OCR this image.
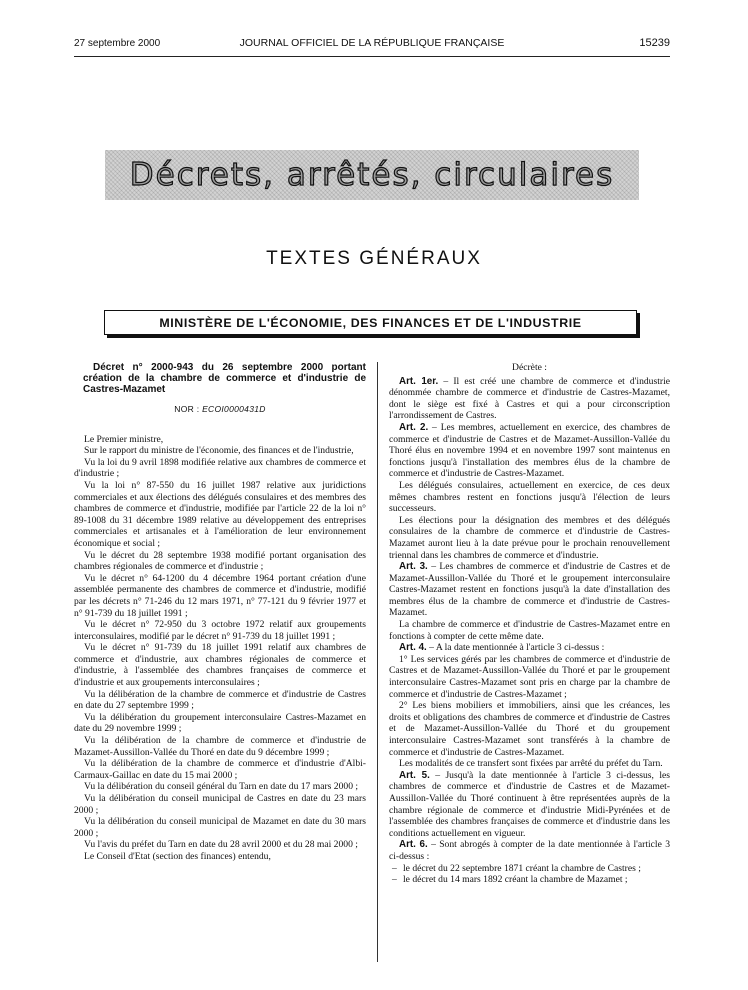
27 septembre 2000	JOURNAL OFFICIEL DE LA RÉPUBLIQUE FRANÇAISE	15239
Décrets, arrêtés, circulaires
TEXTES GÉNÉRAUX
MINISTÈRE DE L'ÉCONOMIE, DES FINANCES ET DE L'INDUSTRIE

Décret n° 2000-943 du 26 septembre 2000 portant création de la chambre de commerce et d'industrie de Castres-Mazamet

NOR : ECOI0000431D

Le Premier ministre,

Sur le rapport du ministre de l'économie, des finances et de l'industrie,

Vu la loi du 9 avril 1898 modifiée relative aux chambres de commerce et d'industrie ;

Vu la loi n° 87-550 du 16 juillet 1987 relative aux juridictions commerciales et aux élections des délégués consulaires et des membres des chambres de commerce et d'industrie, modifiée par l'article 22 de la loi n° 89-1008 du 31 décembre 1989 relative au développement des entreprises commerciales et artisanales et à l'amélioration de leur environnement économique et social ;

Vu le décret du 28 septembre 1938 modifié portant organisation des chambres régionales de commerce et d'industrie ;

Vu le décret n° 64-1200 du 4 décembre 1964 portant création d'une assemblée permanente des chambres de commerce et d'industrie, modifié par les décrets n° 71-246 du 12 mars 1971, n° 77-121 du 9 février 1977 et n° 91-739 du 18 juillet 1991 ;

Vu le décret n° 72-950 du 3 octobre 1972 relatif aux groupements interconsulaires, modifié par le décret n° 91-739 du 18 juillet 1991 ;

Vu le décret n° 91-739 du 18 juillet 1991 relatif aux chambres de commerce et d'industrie, aux chambres régionales de commerce et d'industrie, à l'assemblée des chambres françaises de commerce et d'industrie et aux groupements interconsulaires ;

Vu la délibération de la chambre de commerce et d'industrie de Castres en date du 27 septembre 1999 ;

Vu la délibération du groupement interconsulaire Castres-Mazamet en date du 29 novembre 1999 ;

Vu la délibération de la chambre de commerce et d'industrie de Mazamet-Aussillon-Vallée du Thoré en date du 9 décembre 1999 ;

Vu la délibération de la chambre de commerce et d'industrie d'Albi-Carmaux-Gaillac en date du 15 mai 2000 ;

Vu la délibération du conseil général du Tarn en date du 17 mars 2000 ;

Vu la délibération du conseil municipal de Castres en date du 23 mars 2000 ;

Vu la délibération du conseil municipal de Mazamet en date du 30 mars 2000 ;

Vu l'avis du préfet du Tarn en date du 28 avril 2000 et du 28 mai 2000 ;

Le Conseil d'Etat (section des finances) entendu,

Décrète :

Art. 1er. – Il est créé une chambre de commerce et d'industrie dénommée chambre de commerce et d'industrie de Castres-Mazamet, dont le siège est fixé à Castres et qui a pour circonscription l'arrondissement de Castres.

Art. 2. – Les membres, actuellement en exercice, des chambres de commerce et d'industrie de Castres et de Mazamet-Aussillon-Vallée du Thoré élus en novembre 1994 et en novembre 1997 sont maintenus en fonctions jusqu'à l'installation des membres élus de la chambre de commerce et d'industrie de Castres-Mazamet.

Les délégués consulaires, actuellement en exercice, de ces deux mêmes chambres restent en fonctions jusqu'à l'élection de leurs successeurs.

Les élections pour la désignation des membres et des délégués consulaires de la chambre de commerce et d'industrie de Castres-Mazamet auront lieu à la date prévue pour le prochain renouvellement triennal dans les chambres de commerce et d'industrie.

Art. 3. – Les chambres de commerce et d'industrie de Castres et de Mazamet-Aussillon-Vallée du Thoré et le groupement interconsulaire Castres-Mazamet restent en fonctions jusqu'à la date d'installation des membres élus de la chambre de commerce et d'industrie de Castres-Mazamet.

La chambre de commerce et d'industrie de Castres-Mazamet entre en fonctions à compter de cette même date.

Art. 4. – A la date mentionnée à l'article 3 ci-dessus :

1° Les services gérés par les chambres de commerce et d'industrie de Castres et de Mazamet-Aussillon-Vallée du Thoré et par le groupement interconsulaire Castres-Mazamet sont pris en charge par la chambre de commerce et d'industrie de Castres-Mazamet ;

2° Les biens mobiliers et immobiliers, ainsi que les créances, les droits et obligations des chambres de commerce et d'industrie de Castres et de Mazamet-Aussillon-Vallée du Thoré et du groupement interconsulaire Castres-Mazamet sont transférés à la chambre de commerce et d'industrie de Castres-Mazamet.

Les modalités de ce transfert sont fixées par arrêté du préfet du Tarn.

Art. 5. – Jusqu'à la date mentionnée à l'article 3 ci-dessus, les chambres de commerce et d'industrie de Castres et de Mazamet-Aussillon-Vallée du Thoré continuent à être représentées auprès de la chambre régionale de commerce et d'industrie Midi-Pyrénées et de l'assemblée des chambres françaises de commerce et d'industrie dans les conditions actuellement en vigueur.

Art. 6. – Sont abrogés à compter de la date mentionnée à l'article 3 ci-dessus :

– le décret du 22 septembre 1871 créant la chambre de Castres ;

– le décret du 14 mars 1892 créant la chambre de Mazamet ;
